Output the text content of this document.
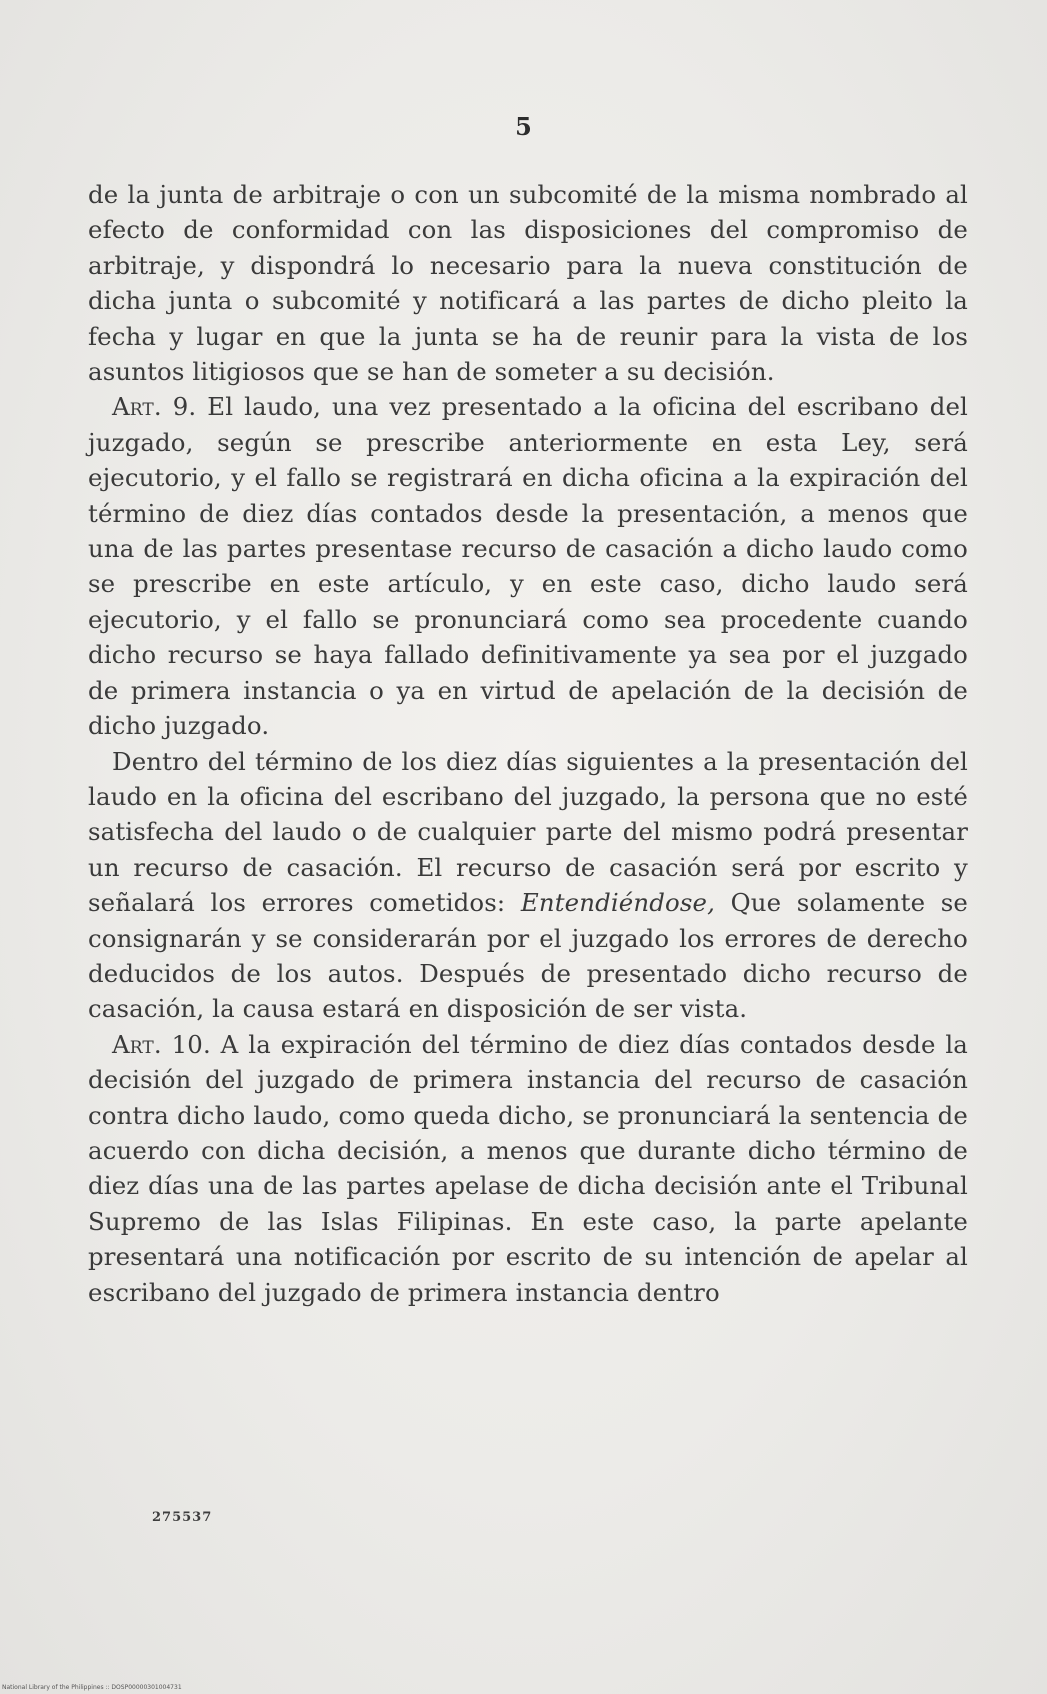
5

de la junta de arbitraje o con un subcomité de la misma nombrado al efecto de conformidad con las disposiciones del compromiso de arbitraje, y dispondrá lo necesario para la nueva constitución de dicha junta o subcomité y notificará a las partes de dicho pleito la fecha y lugar en que la junta se ha de reunir para la vista de los asuntos litigiosos que se han de someter a su decisión.

Art. 9. El laudo, una vez presentado a la oficina del escribano del juzgado, según se prescribe anteriormente en esta Ley, será ejecutorio, y el fallo se registrará en dicha oficina a la expiración del término de diez días contados desde la presentación, a menos que una de las partes presentase recurso de casación a dicho laudo como se prescribe en este artículo, y en este caso, dicho laudo será ejecutorio, y el fallo se pronunciará como sea procedente cuando dicho recurso se haya fallado definitivamente ya sea por el juzgado de primera instancia o ya en virtud de apelación de la decisión de dicho juzgado.

Dentro del término de los diez días siguientes a la presentación del laudo en la oficina del escribano del juzgado, la persona que no esté satisfecha del laudo o de cualquier parte del mismo podrá presentar un recurso de casación. El recurso de casación será por escrito y señalará los errores cometidos: Entendiéndose, Que solamente se consignarán y se considerarán por el juzgado los errores de derecho deducidos de los autos. Después de presentado dicho recurso de casación, la causa estará en disposición de ser vista.

Art. 10. A la expiración del término de diez días contados desde la decisión del juzgado de primera instancia del recurso de casación contra dicho laudo, como queda dicho, se pronunciará la sentencia de acuerdo con dicha decisión, a menos que durante dicho término de diez días una de las partes apelase de dicha decisión ante el Tribunal Supremo de las Islas Filipinas. En este caso, la parte apelante presentará una notificación por escrito de su intención de apelar al escribano del juzgado de primera instancia dentro

275537
National Library of the Philippines :: DOSP00000301004731
